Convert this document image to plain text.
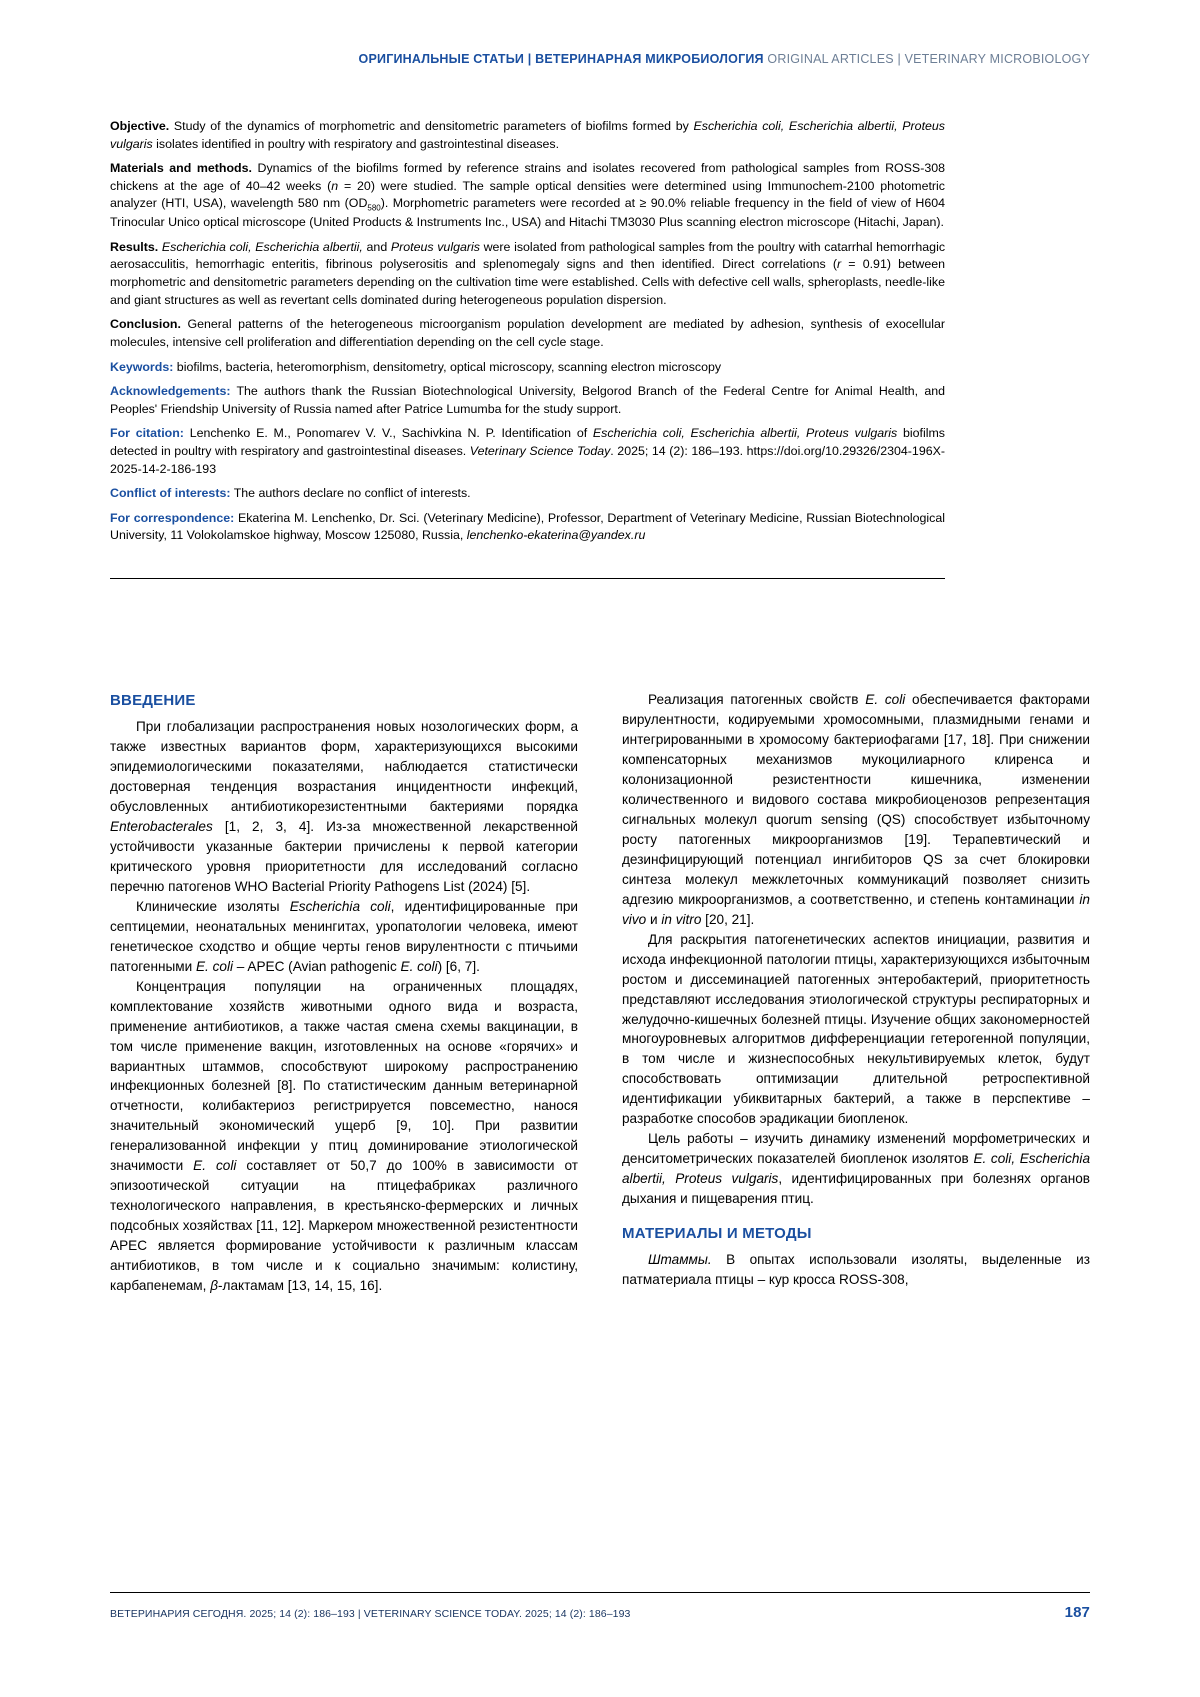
ОРИГИНАЛЬНЫЕ СТАТЬИ | ВЕТЕРИНАРНАЯ МИКРОБИОЛОГИЯ ORIGINAL ARTICLES | VETERINARY MICROBIOLOGY

Objective. Study of the dynamics of morphometric and densitometric parameters of biofilms formed by Escherichia coli, Escherichia albertii, Proteus vulgaris isolates identified in poultry with respiratory and gastrointestinal diseases.

Materials and methods. Dynamics of the biofilms formed by reference strains and isolates recovered from pathological samples from ROSS-308 chickens at the age of 40–42 weeks (n = 20) were studied. The sample optical densities were determined using Immunochem-2100 photometric analyzer (HTI, USA), wavelength 580 nm $(OD_{580})$. Morphometric parameters were recorded at ≥ 90.0% reliable frequency in the field of view of H604 Trinocular Unico optical microscope (United Products & Instruments Inc., USA) and Hitachi TM3030 Plus scanning electron microscope (Hitachi, Japan).

Results. Escherichia coli, Escherichia albertii, and Proteus vulgaris were isolated from pathological samples from the poultry with catarrhal hemorrhagic aerosacculitis, hemorrhagic enteritis, fibrinous polyserositis and splenomegaly signs and then identified. Direct correlations (r = 0.91) between morphometric and densitometric parameters depending on the cultivation time were established. Cells with defective cell walls, spheroplasts, needle-like and giant structures as well as revertant cells dominated during heterogeneous population dispersion.

Conclusion. General patterns of the heterogeneous microorganism population development are mediated by adhesion, synthesis of exocellular molecules, intensive cell proliferation and differentiation depending on the cell cycle stage.

Keywords: biofilms, bacteria, heteromorphism, densitometry, optical microscopy, scanning electron microscopy

Acknowledgements: The authors thank the Russian Biotechnological University, Belgorod Branch of the Federal Centre for Animal Health, and Peoples' Friendship University of Russia named after Patrice Lumumba for the study support.

For citation: Lenchenko E. M., Ponomarev V. V., Sachivkina N. P. Identification of Escherichia coli, Escherichia albertii, Proteus vulgaris biofilms detected in poultry with respiratory and gastrointestinal diseases. Veterinary Science Today. 2025; 14 (2): 186–193. https://doi.org/10.29326/2304-196X-2025-14-2-186-193

Conflict of interests: The authors declare no conflict of interests.

For correspondence: Ekaterina M. Lenchenko, Dr. Sci. (Veterinary Medicine), Professor, Department of Veterinary Medicine, Russian Biotechnological University, 11 Volokolamskoe highway, Moscow 125080, Russia, lenchenko-ekaterina@yandex.ru

ВВЕДЕНИЕ

При глобализации распространения новых нозологических форм, а также известных вариантов форм, характеризующихся высокими эпидемиологическими показателями, наблюдается статистически достоверная тенденция возрастания инцидентности инфекций, обусловленных антибиотикорезистентными бактериями порядка Enterobacterales [1, 2, 3, 4]. Из-за множественной лекарственной устойчивости указанные бактерии причислены к первой категории критического уровня приоритетности для исследований согласно перечню патогенов WHO Bacterial Priority Pathogens List (2024) [5].

Клинические изоляты Escherichia coli, идентифицированные при септицемии, неонатальных менингитах, уропатологии человека, имеют генетическое сходство и общие черты генов вирулентности с птичьими патогенными E. coli – APEC (Avian pathogenic E. coli) [6, 7].

Концентрация популяции на ограниченных площадях, комплектование хозяйств животными одного вида и возраста, применение антибиотиков, а также частая смена схемы вакцинации, в том числе применение вакцин, изготовленных на основе «горячих» и вариантных штаммов, способствуют широкому распространению инфекционных болезней [8]. По статистическим данным ветеринарной отчетности, колибактериоз регистрируется повсеместно, нанося значительный экономический ущерб [9, 10]. При развитии генерализованной инфекции у птиц доминирование этиологической значимости E. coli составляет от 50,7 до 100% в зависимости от эпизоотической ситуации на птицефабриках различного технологического направления, в крестьянско-фермерских и личных подсобных хозяйствах [11, 12]. Маркером множественной резистентности APEC является формирование устойчивости к различным классам антибиотиков, в том числе и к социально значимым: колистину, карбапенемам, β-лактамам [13, 14, 15, 16].

Реализация патогенных свойств E. coli обеспечивается факторами вирулентности, кодируемыми хромосомными, плазмидными генами и интегрированными в хромосому бактериофагами [17, 18]. При снижении компенсаторных механизмов мукоцилиарного клиренса и колонизационной резистентности кишечника, изменении количественного и видового состава микробиоценозов репрезентация сигнальных молекул quorum sensing (QS) способствует избыточному росту патогенных микроорганизмов [19]. Терапевтический и дезинфицирующий потенциал ингибиторов QS за счет блокировки синтеза молекул межклеточных коммуникаций позволяет снизить адгезию микроорганизмов, а соответственно, и степень контаминации in vivo и in vitro [20, 21].

Для раскрытия патогенетических аспектов инициации, развития и исхода инфекционной патологии птицы, характеризующихся избыточным ростом и диссеминацией патогенных энтеробактерий, приоритетность представляют исследования этиологической структуры респираторных и желудочно-кишечных болезней птицы. Изучение общих закономерностей многоуровневых алгоритмов дифференциации гетерогенной популяции, в том числе и жизнеспособных некультивируемых клеток, будут способствовать оптимизации длительной ретроспективной идентификации убиквитарных бактерий, а также в перспективе – разработке способов эрадикации биопленок.

Цель работы – изучить динамику изменений морфометрических и денситометрических показателей биопленок изолятов E. coli, Escherichia albertii, Proteus vulgaris, идентифицированных при болезнях органов дыхания и пищеварения птиц.

МАТЕРИАЛЫ И МЕТОДЫ

Штаммы. В опытах использовали изоляты, выделенные из патматериала птицы – кур кросса ROSS-308,

ВЕТЕРИНАРИЯ СЕГОДНЯ. 2025; 14 (2): 186–193 | VETERINARY SCIENCE TODAY. 2025; 14 (2): 186–193	187
